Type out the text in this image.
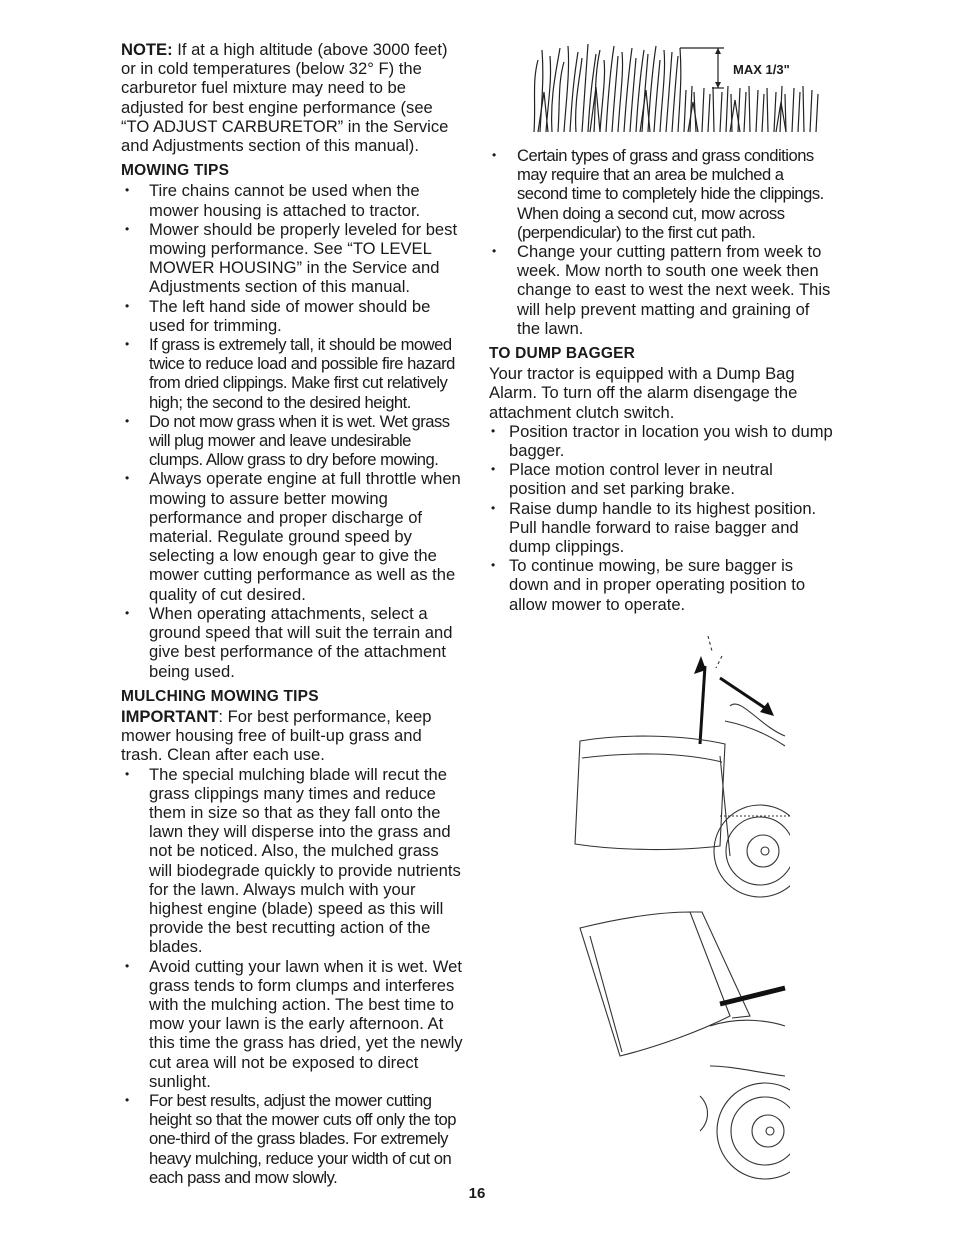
NOTE: If at a high altitude (above 3000 feet) or in cold temperatures (below 32° F) the carburetor fuel mixture may need to be adjusted for best engine performance (see “TO ADJUST CARBURETOR” in the Service and Adjustments section of this manual).

MOWING TIPS
• Tire chains cannot be used when the mower housing is attached to tractor.
• Mower should be properly leveled for best mowing performance. See “TO LEVEL MOWER HOUSING” in the Service and Adjustments section of this manual.
• The left hand side of mower should be used for trimming.
• If grass is extremely tall, it should be mowed twice to reduce load and possible fire hazard from dried clippings. Make first cut relatively high; the second to the desired height.
• Do not mow grass when it is wet. Wet grass will plug mower and leave undesirable clumps. Allow grass to dry before mowing.
• Always operate engine at full throttle when mowing to assure better mowing performance and proper discharge of material. Regulate ground speed by selecting a low enough gear to give the mower cutting performance as well as the quality of cut desired.
• When operating attachments, select a ground speed that will suit the terrain and give best performance of the attachment being used.
MULCHING MOWING TIPS

IMPORTANT: For best performance, keep mower housing free of built-up grass and trash. Clean after each use.

• The special mulching blade will recut the grass clippings many times and reduce them in size so that as they fall onto the lawn they will disperse into the grass and not be noticed. Also, the mulched grass will biodegrade quickly to provide nutrients for the lawn. Always mulch with your highest engine (blade) speed as this will provide the best recutting action of the blades.
• Avoid cutting your lawn when it is wet. Wet grass tends to form clumps and interferes with the mulching action. The best time to mow your lawn is the early afternoon. At this time the grass has dried, yet the newly cut area will not be exposed to direct sunlight.
• For best results, adjust the mower cutting height so that the mower cuts off only the top one-third of the grass blades. For extremely heavy mulching, reduce your width of cut on each pass and mow slowly.
MAX 1/3"
• Certain types of grass and grass conditions may require that an area be mulched a second time to completely hide the clippings. When doing a second cut, mow across (perpendicular) to the first cut path.
• Change your cutting pattern from week to week. Mow north to south one week then change to east to west the next week. This will help prevent matting and graining of the lawn.
TO DUMP BAGGER

Your tractor is equipped with a Dump Bag Alarm. To turn off the alarm disengage the attachment clutch switch.

• Position tractor in location you wish to dump bagger.
• Place motion control lever in neutral position and set parking brake.
• Raise dump handle to its highest position. Pull handle forward to raise bagger and dump clippings.
• To continue mowing, be sure bagger is down and in proper operating position to allow mower to operate.
16
